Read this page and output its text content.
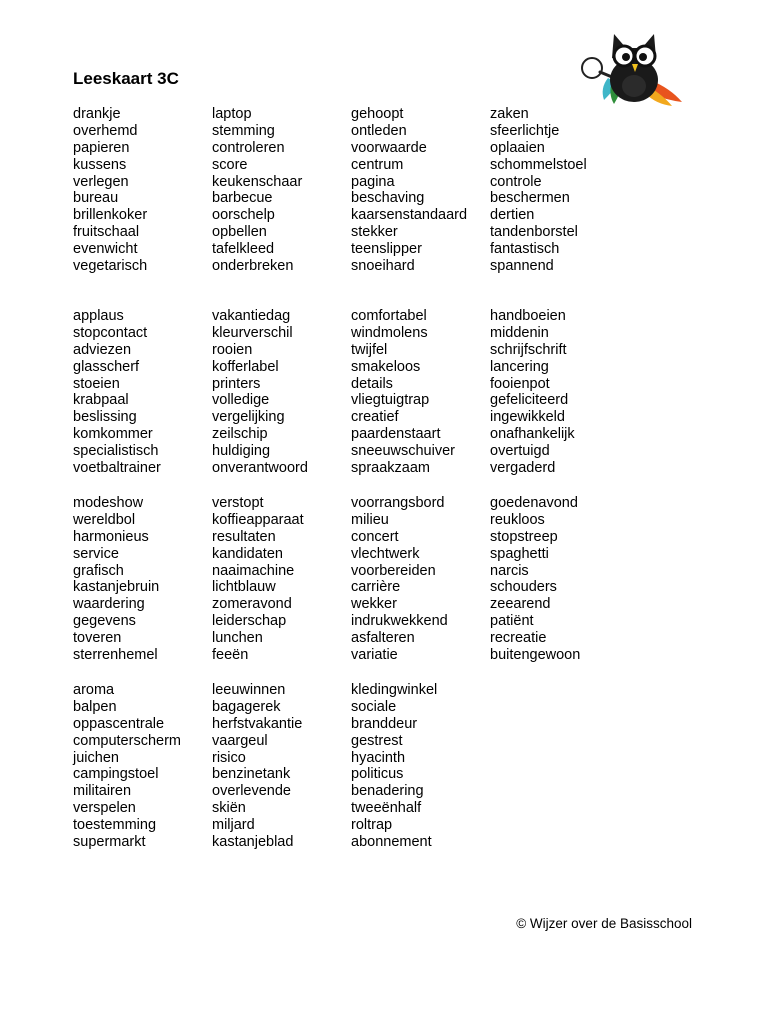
Leeskaart 3C
drankje
overhemd
papieren
kussens
verlegen
bureau
brillenkoker
fruitschaal
evenwicht
vegetarisch
laptop
stemming
controleren
score
keukenschaar
barbecue
oorschelp
opbellen
tafelkleed
onderbreken
gehoopt
ontleden
voorwaarde
centrum
pagina
beschaving
kaarsenstandaard
stekker
teenslipper
snoeihard
zaken
sfeerlichtje
oplaaien
schommelstoel
controle
beschermen
dertien
tandenborstel
fantastisch
spannend
applaus
stopcontact
adviezen
glasscherf
stoeien
krabpaal
beslissing
komkommer
specialistisch
voetbaltrainer
vakantiedag
kleurverschil
rooien
kofferlabel
printers
volledige
vergelijking
zeilschip
huldiging
onverantwoord
comfortabel
windmolens
twijfel
smakeloos
details
vliegtuigtrap
creatief
paardenstaart
sneeuwschuiver
spraakzaam
handboeien
middenin
schrijfschrift
lancering
fooienpot
gefeliciteerd
ingewikkeld
onafhankelijk
overtuigd
vergaderd
modeshow
wereldbol
harmonieus
service
grafisch
kastanjebruin
waardering
gegevens
toveren
sterrenhemel
verstopt
koffieapparaat
resultaten
kandidaten
naaimachine
lichtblauw
zomeravond
leiderschap
lunchen
feeën
voorrangsbord
milieu
concert
vlechtwerk
voorbereiden
carrière
wekker
indrukwekkend
asfalteren
variatie
goedenavond
reukloos
stopstreep
spaghetti
narcis
schouders
zeearend
patiënt
recreatie
buitengewoon
aroma
balpen
oppascentrale
computerscherm
juichen
campingstoel
militairen
verspelen
toestemming
supermarkt
leeuwinnen
bagagerek
herfstvakantie
vaargeul
risico
benzinetank
overlevende
skiën
miljard
kastanjeblad
kledingwinkel
sociale
branddeur
gestrest
hyacinth
politicus
benadering
tweeënhalf
roltrap
abonnement
© Wijzer over de Basisschool
